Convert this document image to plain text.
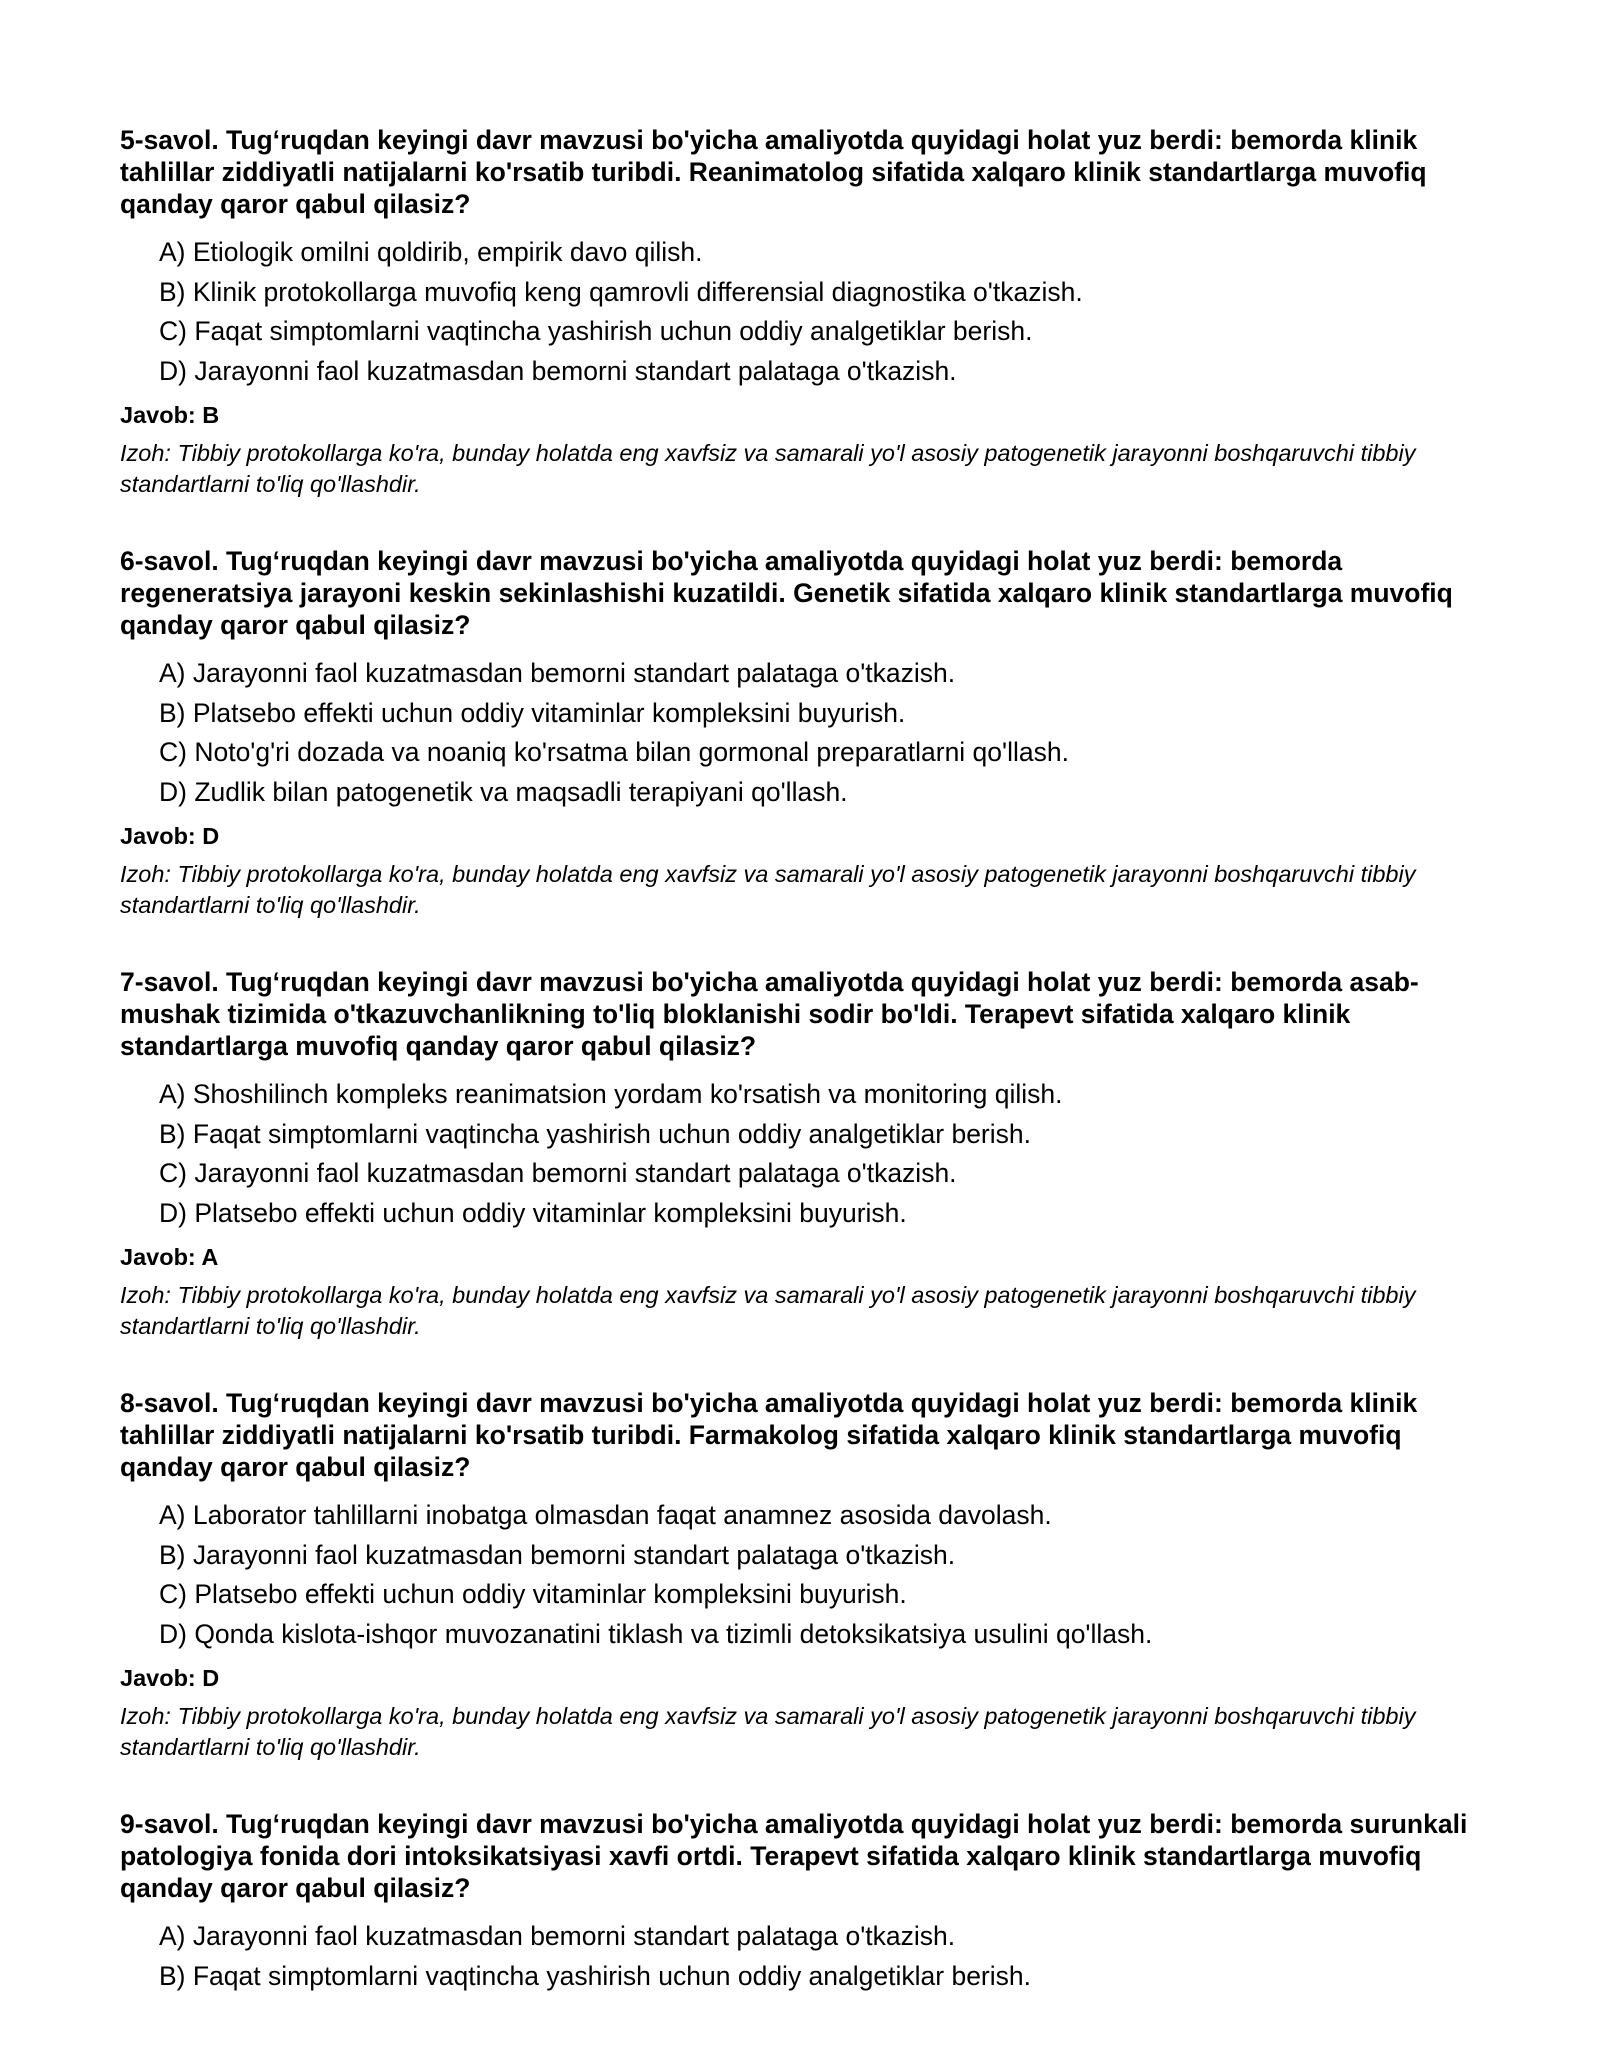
5-savol. Tug‘ruqdan keyingi davr mavzusi bo'yicha amaliyotda quyidagi holat yuz berdi: bemorda klinik tahlillar ziddiyatli natijalarni ko'rsatib turibdi. Reanimatolog sifatida xalqaro klinik standartlarga muvofiq qanday qaror qabul qilasiz?
A) Etiologik omilni qoldirib, empirik davo qilish.
B) Klinik protokollarga muvofiq keng qamrovli differensial diagnostika o'tkazish.
C) Faqat simptomlarni vaqtincha yashirish uchun oddiy analgetiklar berish.
D) Jarayonni faol kuzatmasdan bemorni standart palataga o'tkazish.
Javob: B
Izoh: Tibbiy protokollarga ko'ra, bunday holatda eng xavfsiz va samarali yo'l asosiy patogenetik jarayonni boshqaruvchi tibbiy standartlarni to'liq qo'llashdir.
6-savol. Tug‘ruqdan keyingi davr mavzusi bo'yicha amaliyotda quyidagi holat yuz berdi: bemorda regeneratsiya jarayoni keskin sekinlashishi kuzatildi. Genetik sifatida xalqaro klinik standartlarga muvofiq qanday qaror qabul qilasiz?
A) Jarayonni faol kuzatmasdan bemorni standart palataga o'tkazish.
B) Platsebo effekti uchun oddiy vitaminlar kompleksini buyurish.
C) Noto'g'ri dozada va noaniq ko'rsatma bilan gormonal preparatlarni qo'llash.
D) Zudlik bilan patogenetik va maqsadli terapiyani qo'llash.
Javob: D
Izoh: Tibbiy protokollarga ko'ra, bunday holatda eng xavfsiz va samarali yo'l asosiy patogenetik jarayonni boshqaruvchi tibbiy standartlarni to'liq qo'llashdir.
7-savol. Tug‘ruqdan keyingi davr mavzusi bo'yicha amaliyotda quyidagi holat yuz berdi: bemorda asab-mushak tizimida o'tkazuvchanlikning to'liq bloklanishi sodir bo'ldi. Terapevt sifatida xalqaro klinik standartlarga muvofiq qanday qaror qabul qilasiz?
A) Shoshilinch kompleks reanimatsion yordam ko'rsatish va monitoring qilish.
B) Faqat simptomlarni vaqtincha yashirish uchun oddiy analgetiklar berish.
C) Jarayonni faol kuzatmasdan bemorni standart palataga o'tkazish.
D) Platsebo effekti uchun oddiy vitaminlar kompleksini buyurish.
Javob: A
Izoh: Tibbiy protokollarga ko'ra, bunday holatda eng xavfsiz va samarali yo'l asosiy patogenetik jarayonni boshqaruvchi tibbiy standartlarni to'liq qo'llashdir.
8-savol. Tug‘ruqdan keyingi davr mavzusi bo'yicha amaliyotda quyidagi holat yuz berdi: bemorda klinik tahlillar ziddiyatli natijalarni ko'rsatib turibdi. Farmakolog sifatida xalqaro klinik standartlarga muvofiq qanday qaror qabul qilasiz?
A) Laborator tahlillarni inobatga olmasdan faqat anamnez asosida davolash.
B) Jarayonni faol kuzatmasdan bemorni standart palataga o'tkazish.
C) Platsebo effekti uchun oddiy vitaminlar kompleksini buyurish.
D) Qonda kislota-ishqor muvozanatini tiklash va tizimli detoksikatsiya usulini qo'llash.
Javob: D
Izoh: Tibbiy protokollarga ko'ra, bunday holatda eng xavfsiz va samarali yo'l asosiy patogenetik jarayonni boshqaruvchi tibbiy standartlarni to'liq qo'llashdir.
9-savol. Tug‘ruqdan keyingi davr mavzusi bo'yicha amaliyotda quyidagi holat yuz berdi: bemorda surunkali patologiya fonida dori intoksikatsiyasi xavfi ortdi. Terapevt sifatida xalqaro klinik standartlarga muvofiq qanday qaror qabul qilasiz?
A) Jarayonni faol kuzatmasdan bemorni standart palataga o'tkazish.
B) Faqat simptomlarni vaqtincha yashirish uchun oddiy analgetiklar berish.
